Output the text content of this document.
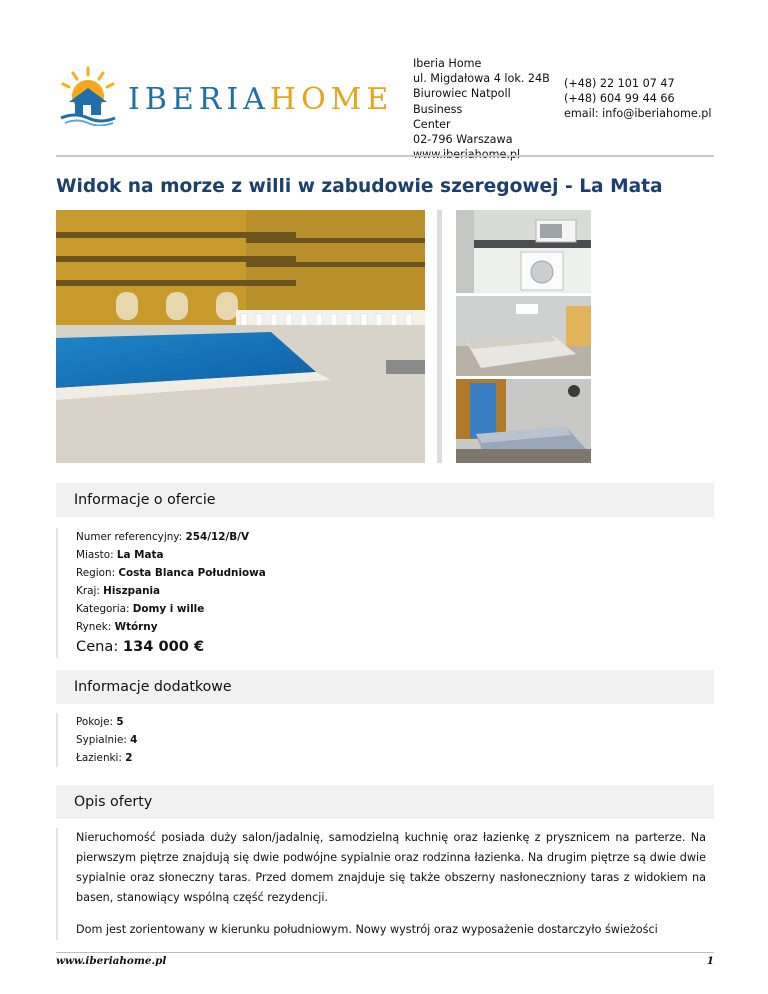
IBERIAHOME
Iberia Home
ul. Migdałowa 4 lok. 24B
Biurowiec Natpoll Business
Center
02-796 Warszawa
(+48) 22 101 07 47
(+48) 604 99 44 66
email: info@iberiahome.pl
Widok na morze z willi w zabudowie szeregowej - La Mata
Informacje o ofercie
Numer referencyjny: 254/12/B/V
Miasto: La Mata
Region: Costa Blanca Południowa
Kraj: Hiszpania
Kategoria: Domy i wille
Rynek: Wtórny
Cena: 134 000 €
Informacje dodatkowe
Pokoje: 5
Sypialnie: 4
Łazienki: 2
Opis oferty

Nieruchomość posiada duży salon/jadalnię, samodzielną kuchnię oraz łazienkę z prysznicem na parterze. Na pierwszym piętrze znajdują się dwie podwójne sypialnie oraz rodzinna łazienka. Na drugim piętrze są dwie dwie sypialnie oraz słoneczny taras. Przed domem znajduje się także obszerny nasłoneczniony taras z widokiem na basen, stanowiący wspólną część rezydencji.

Dom jest zorientowany w kierunku południowym. Nowy wystrój oraz wyposażenie dostarczyło świeżości

www.iberiahome.pl	1
